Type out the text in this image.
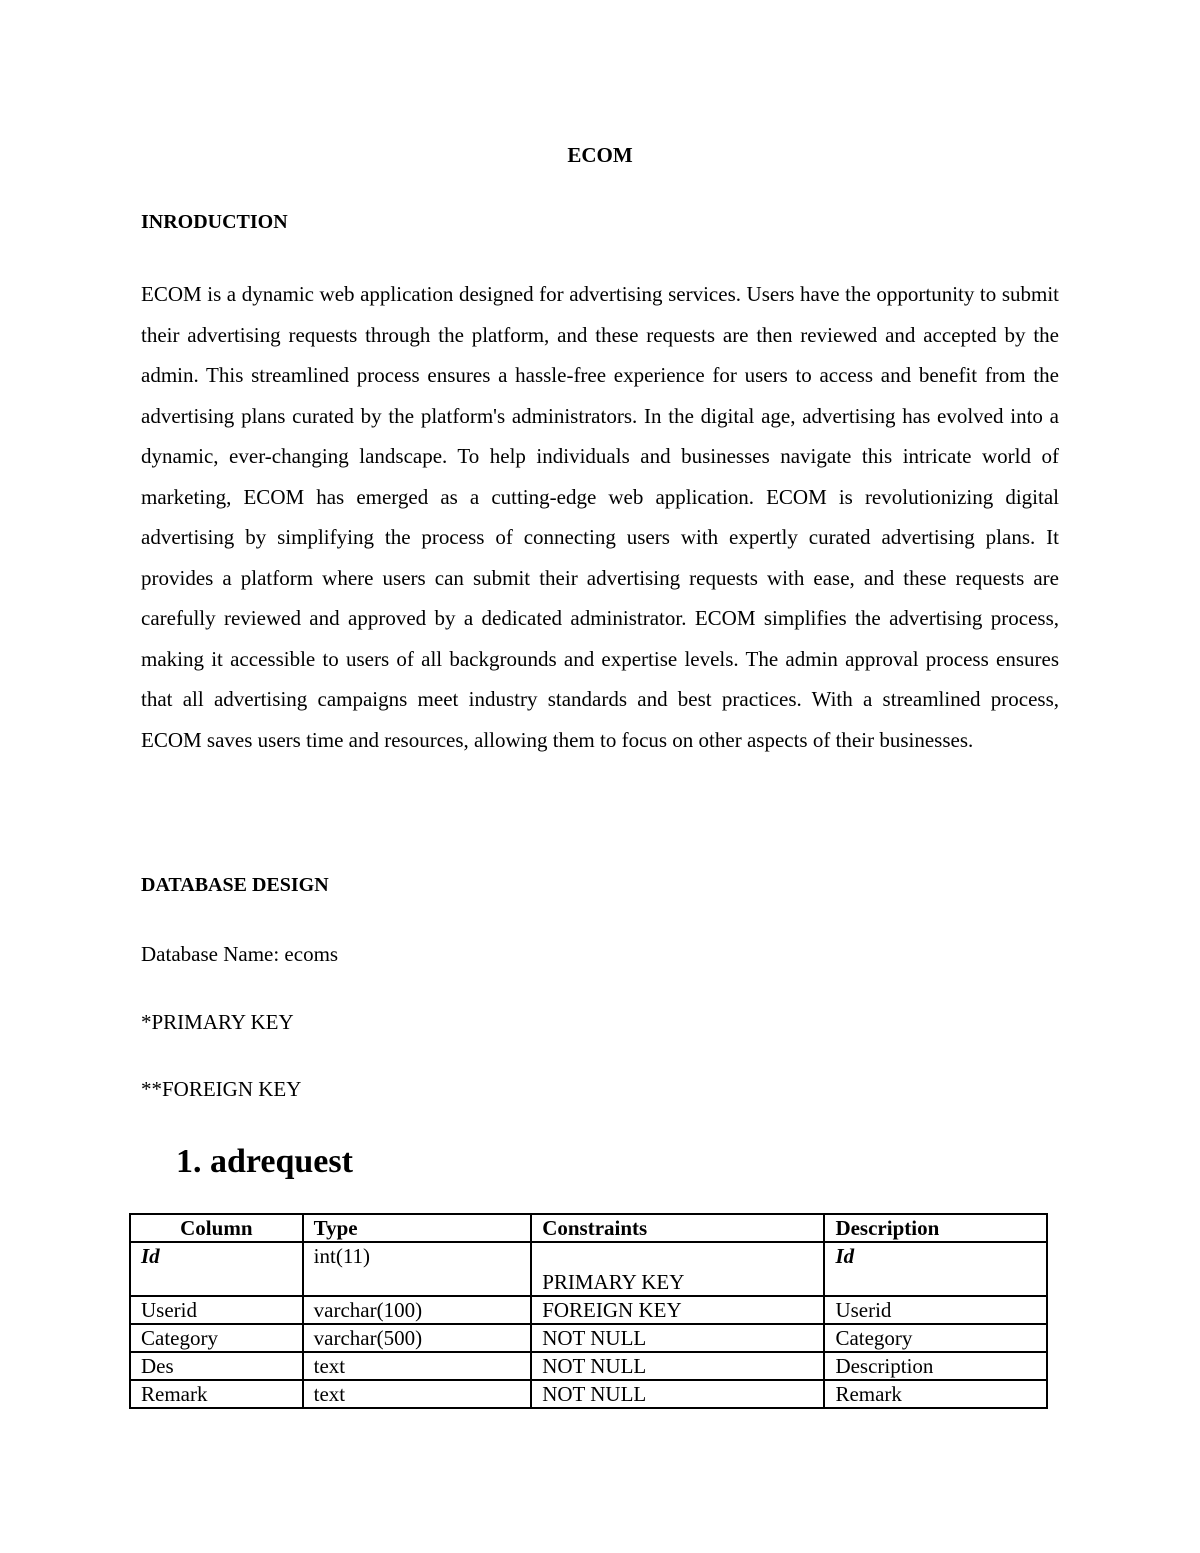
ECOM
INRODUCTION

ECOM is a dynamic web application designed for advertising services. Users have the opportunity to submit their advertising requests through the platform, and these requests are then reviewed and accepted by the admin. This streamlined process ensures a hassle-free experience for users to access and benefit from the advertising plans curated by the platform's administrators. In the digital age, advertising has evolved into a dynamic, ever-changing landscape. To help individuals and businesses navigate this intricate world of marketing, ECOM has emerged as a cutting-edge web application. ECOM is revolutionizing digital advertising by simplifying the process of connecting users with expertly curated advertising plans. It provides a platform where users can submit their advertising requests with ease, and these requests are carefully reviewed and approved by a dedicated administrator. ECOM simplifies the advertising process, making it accessible to users of all backgrounds and expertise levels. The admin approval process ensures that all advertising campaigns meet industry standards and best practices. With a streamlined process, ECOM saves users time and resources, allowing them to focus on other aspects of their businesses.

DATABASE DESIGN

Database Name: ecoms

*PRIMARY KEY

**FOREIGN KEY

1. adrequest
Column	Type	Constraints	Description
Id	int(11)	PRIMARY KEY	Id
Userid	varchar(100)	FOREIGN KEY	Userid
Category	varchar(500)	NOT NULL	Category
Des	text	NOT NULL	Description
Remark	text	NOT NULL	Remark
